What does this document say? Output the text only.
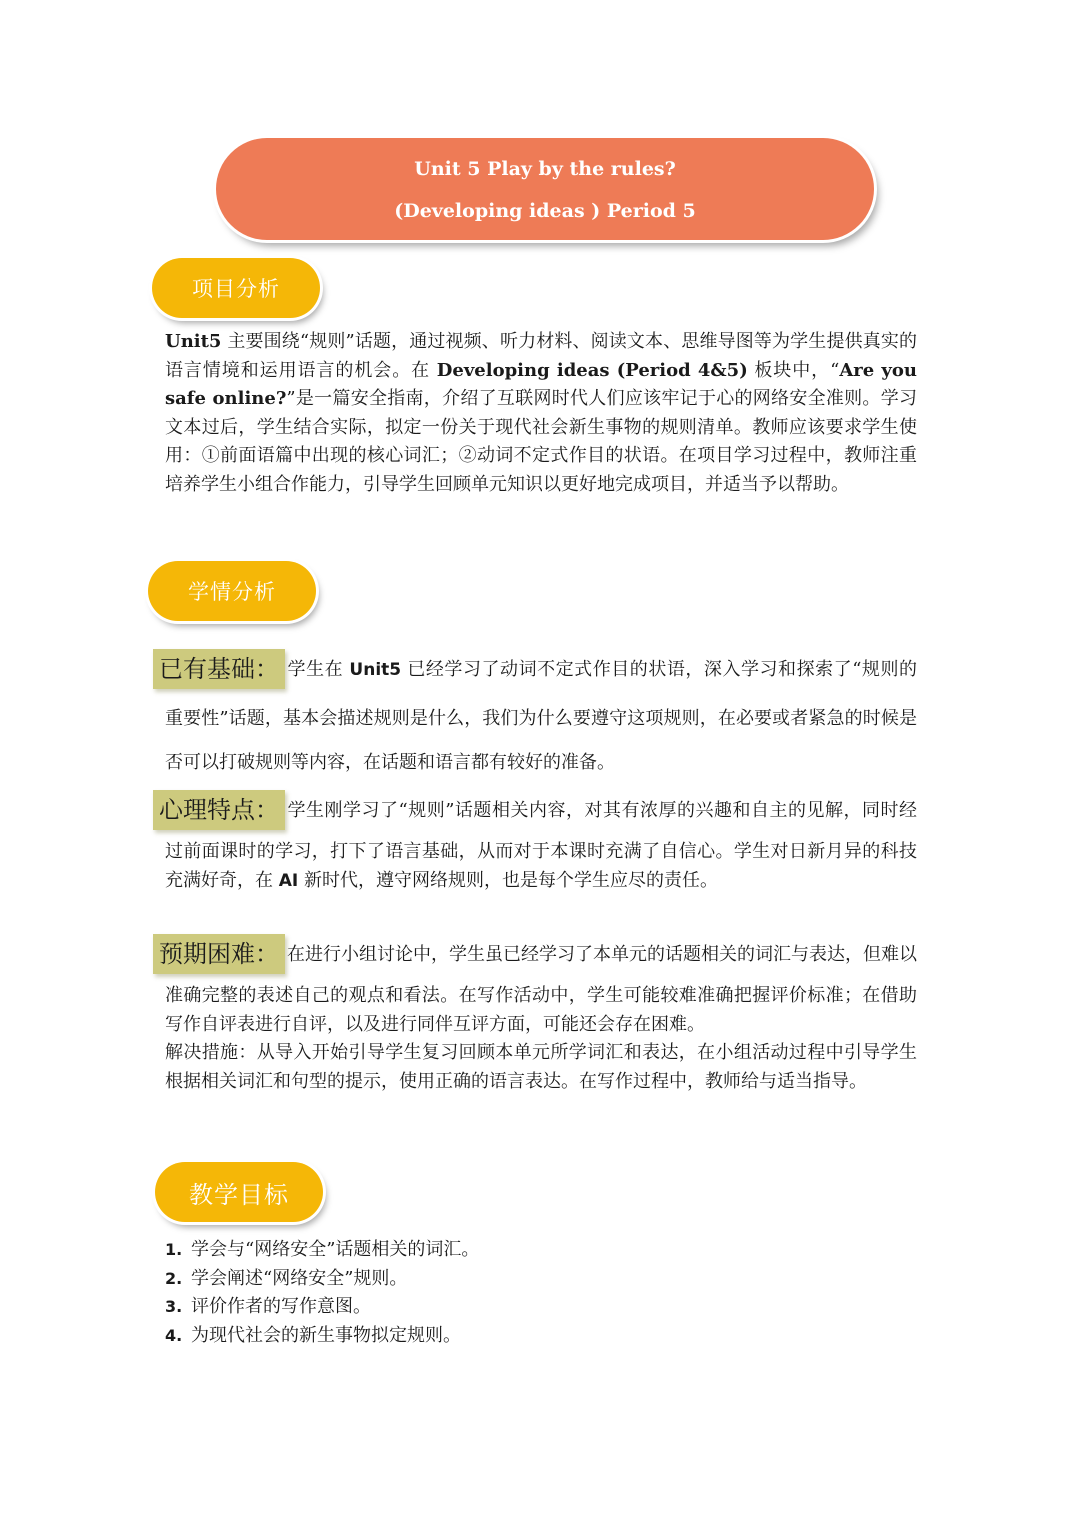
Unit 5 Play by the rules?
(Developing ideas ) Period 5
项目分析

Unit5 主要围绕“规则”话题，通过视频、听力材料、阅读文本、思维导图等为学生提供真实的语言情境和运用语言的机会。在 Developing ideas (Period 4&5) 板块中，“Are you safe online?”是一篇安全指南，介绍了互联网时代人们应该牢记于心的网络安全准则。学习文本过后，学生结合实际，拟定一份关于现代社会新生事物的规则清单。教师应该要求学生使用：①前面语篇中出现的核心词汇；②动词不定式作目的状语。在项目学习过程中，教师注重培养学生小组合作能力，引导学生回顾单元知识以更好地完成项目，并适当予以帮助。

学情分析

已有基础： 学生在 Unit5 已经学习了动词不定式作目的状语，深入学习和探索了“规则的重要性”话题，基本会描述规则是什么，我们为什么要遵守这项规则，在必要或者紧急的时候是否可以打破规则等内容，在话题和语言都有较好的准备。

心理特点： 学生刚学习了“规则”话题相关内容，对其有浓厚的兴趣和自主的见解，同时经过前面课时的学习，打下了语言基础，从而对于本课时充满了自信心。学生对日新月异的科技充满好奇，在 AI 新时代，遵守网络规则，也是每个学生应尽的责任。

预期困难： 在进行小组讨论中，学生虽已经学习了本单元的话题相关的词汇与表达，但难以准确完整的表述自己的观点和看法。在写作活动中，学生可能较难准确把握评价标准；在借助写作自评表进行自评，以及进行同伴互评方面，可能还会存在困难。
解决措施：从导入开始引导学生复习回顾本单元所学词汇和表达，在小组活动过程中引导学生根据相关词汇和句型的提示，使用正确的语言表达。在写作过程中，教师给与适当指导。

教学目标
1. 学会与“网络安全”话题相关的词汇。
2. 学会阐述“网络安全”规则。
3. 评价作者的写作意图。
4. 为现代社会的新生事物拟定规则。
